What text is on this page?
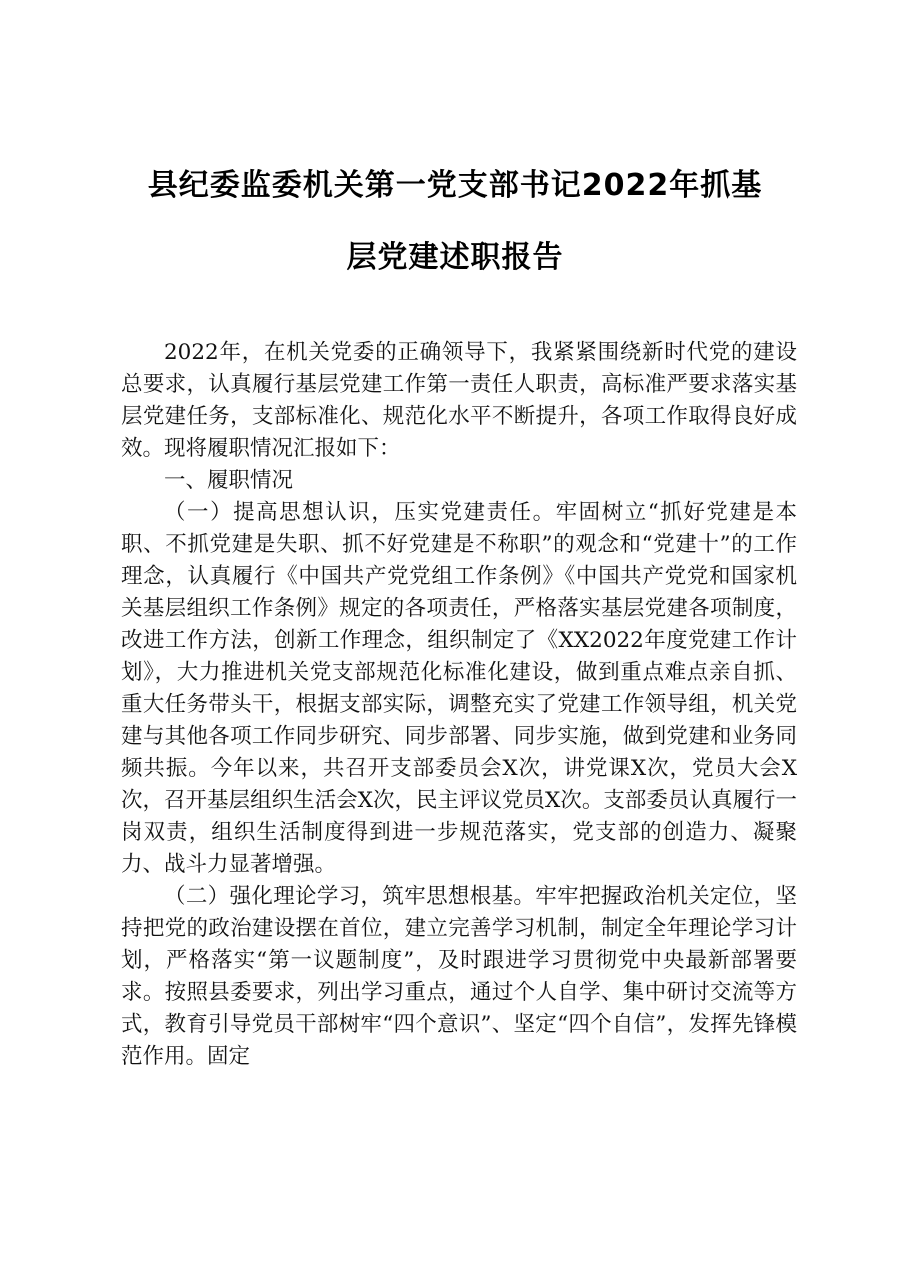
县纪委监委机关第一党支部书记2022年抓基
层党建述职报告

2022年，在机关党委的正确领导下，我紧紧围绕新时代党的建设总要求，认真履行基层党建工作第一责任人职责，高标准严要求落实基层党建任务，支部标准化、规范化水平不断提升，各项工作取得良好成效。现将履职情况汇报如下：

一、履职情况

（一）提高思想认识，压实党建责任。牢固树立“抓好党建是本职、不抓党建是失职、抓不好党建是不称职”的观念和“党建十”的工作理念，认真履行《中国共产党党组工作条例》《中国共产党党和国家机关基层组织工作条例》规定的各项责任，严格落实基层党建各项制度，改进工作方法，创新工作理念，组织制定了《XX2022年度党建工作计划》，大力推进机关党支部规范化标准化建设，做到重点难点亲自抓、重大任务带头干，根据支部实际，调整充实了党建工作领导组，机关党建与其他各项工作同步研究、同步部署、同步实施，做到党建和业务同频共振。今年以来，共召开支部委员会X次，讲党课X次，党员大会X次，召开基层组织生活会X次，民主评议党员X次。支部委员认真履行一岗双责，组织生活制度得到进一步规范落实，党支部的创造力、凝聚力、战斗力显著增强。

（二）强化理论学习，筑牢思想根基。牢牢把握政治机关定位，坚持把党的政治建设摆在首位，建立完善学习机制，制定全年理论学习计划，严格落实“第一议题制度”，及时跟进学习贯彻党中央最新部署要求。按照县委要求，列出学习重点，通过个人自学、集中研讨交流等方式，教育引导党员干部树牢“四个意识”、坚定“四个自信”，发挥先锋模范作用。固定
